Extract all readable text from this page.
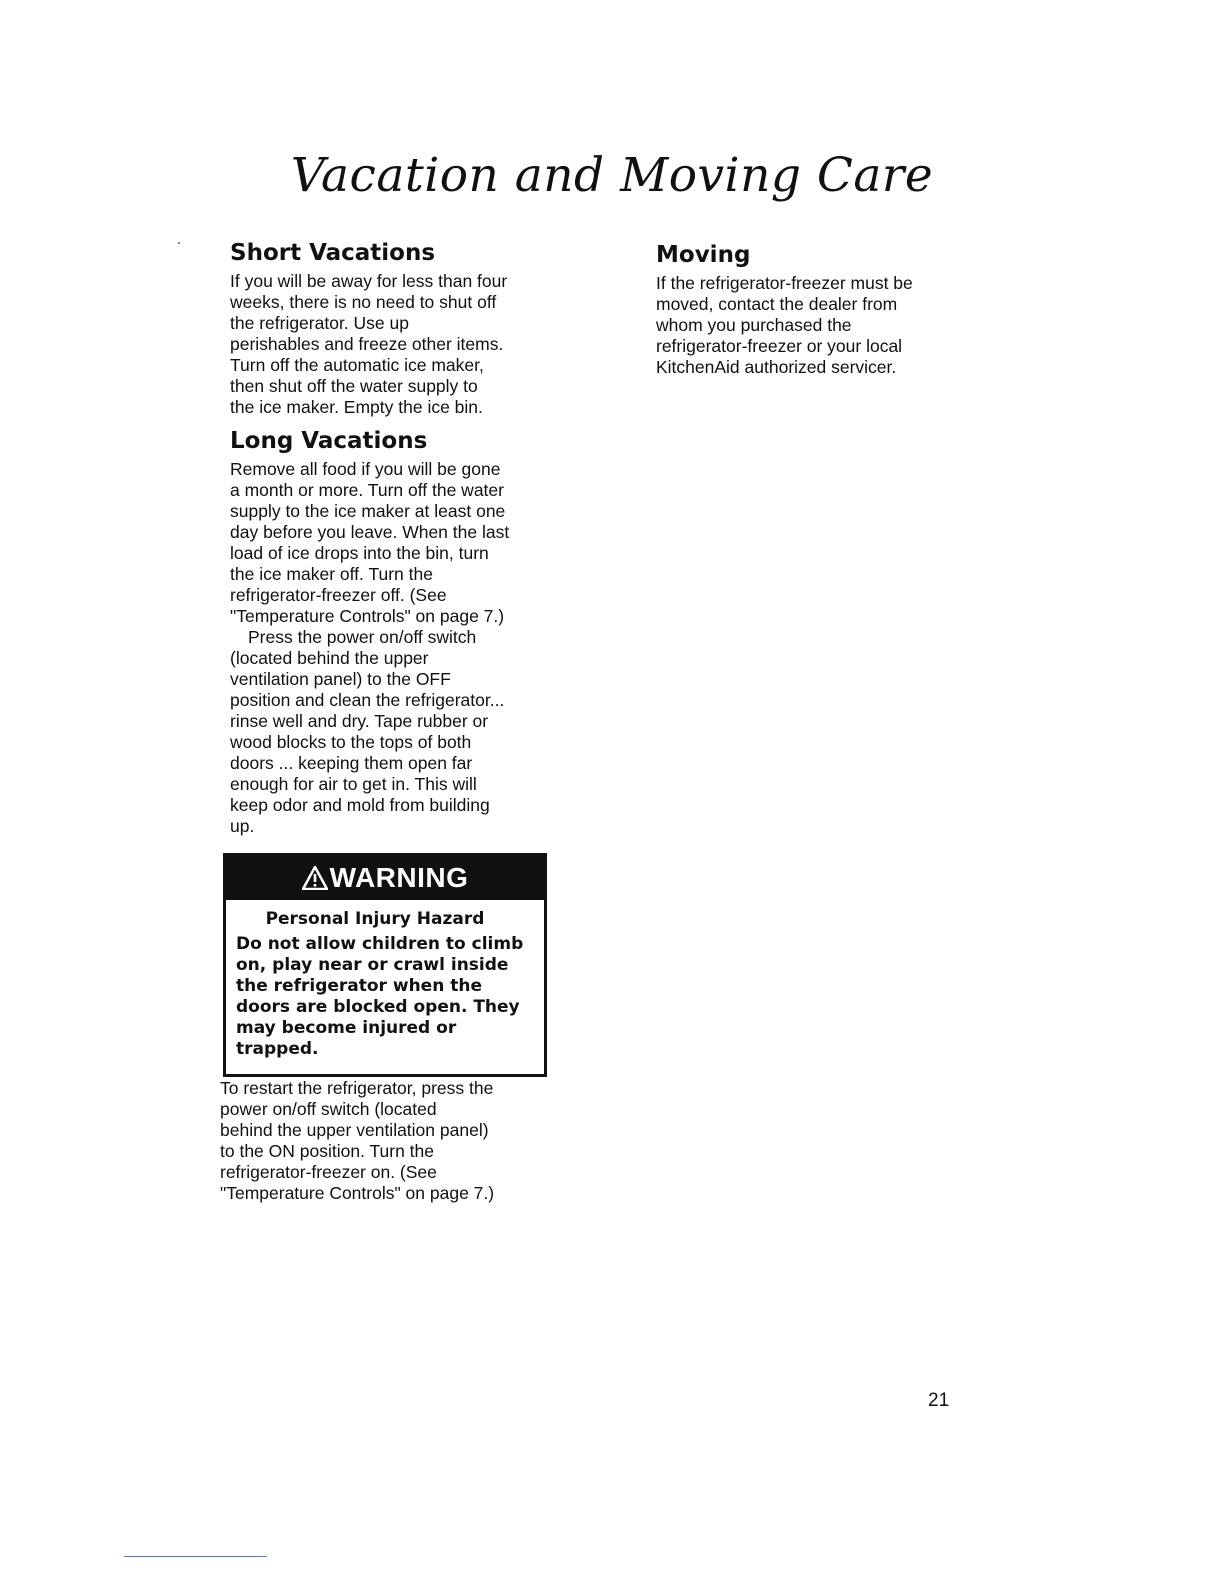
Vacation and Moving Care
Short Vacations

If you will be away for less than four
weeks, there is no need to shut off
the refrigerator. Use up
perishables and freeze other items.
Turn off the automatic ice maker,
then shut off the water supply to
the ice maker. Empty the ice bin.

Long Vacations

Remove all food if you will be gone
a month or more. Turn off the water
supply to the ice maker at least one
day before you leave. When the last
load of ice drops into the bin, turn
the ice maker off. Turn the
refrigerator-freezer off. (See
"Temperature Controls" on page 7.)

Press the power on/off switch
(located behind the upper
ventilation panel) to the OFF
position and clean the refrigerator...
rinse well and dry. Tape rubber or
wood blocks to the tops of both
doors ... keeping them open far
enough for air to get in. This will
keep odor and mold from building
up.

WARNING
Personal Injury Hazard
Do not allow children to climb
on, play near or crawl inside
the refrigerator when the
doors are blocked open. They
may become injured or
trapped.

To restart the refrigerator, press the
power on/off switch (located
behind the upper ventilation panel)
to the ON position. Turn the
refrigerator-freezer on. (See
"Temperature Controls" on page 7.)

Moving

If the refrigerator-freezer must be
moved, contact the dealer from
whom you purchased the
refrigerator-freezer or your local
KitchenAid authorized servicer.

21
